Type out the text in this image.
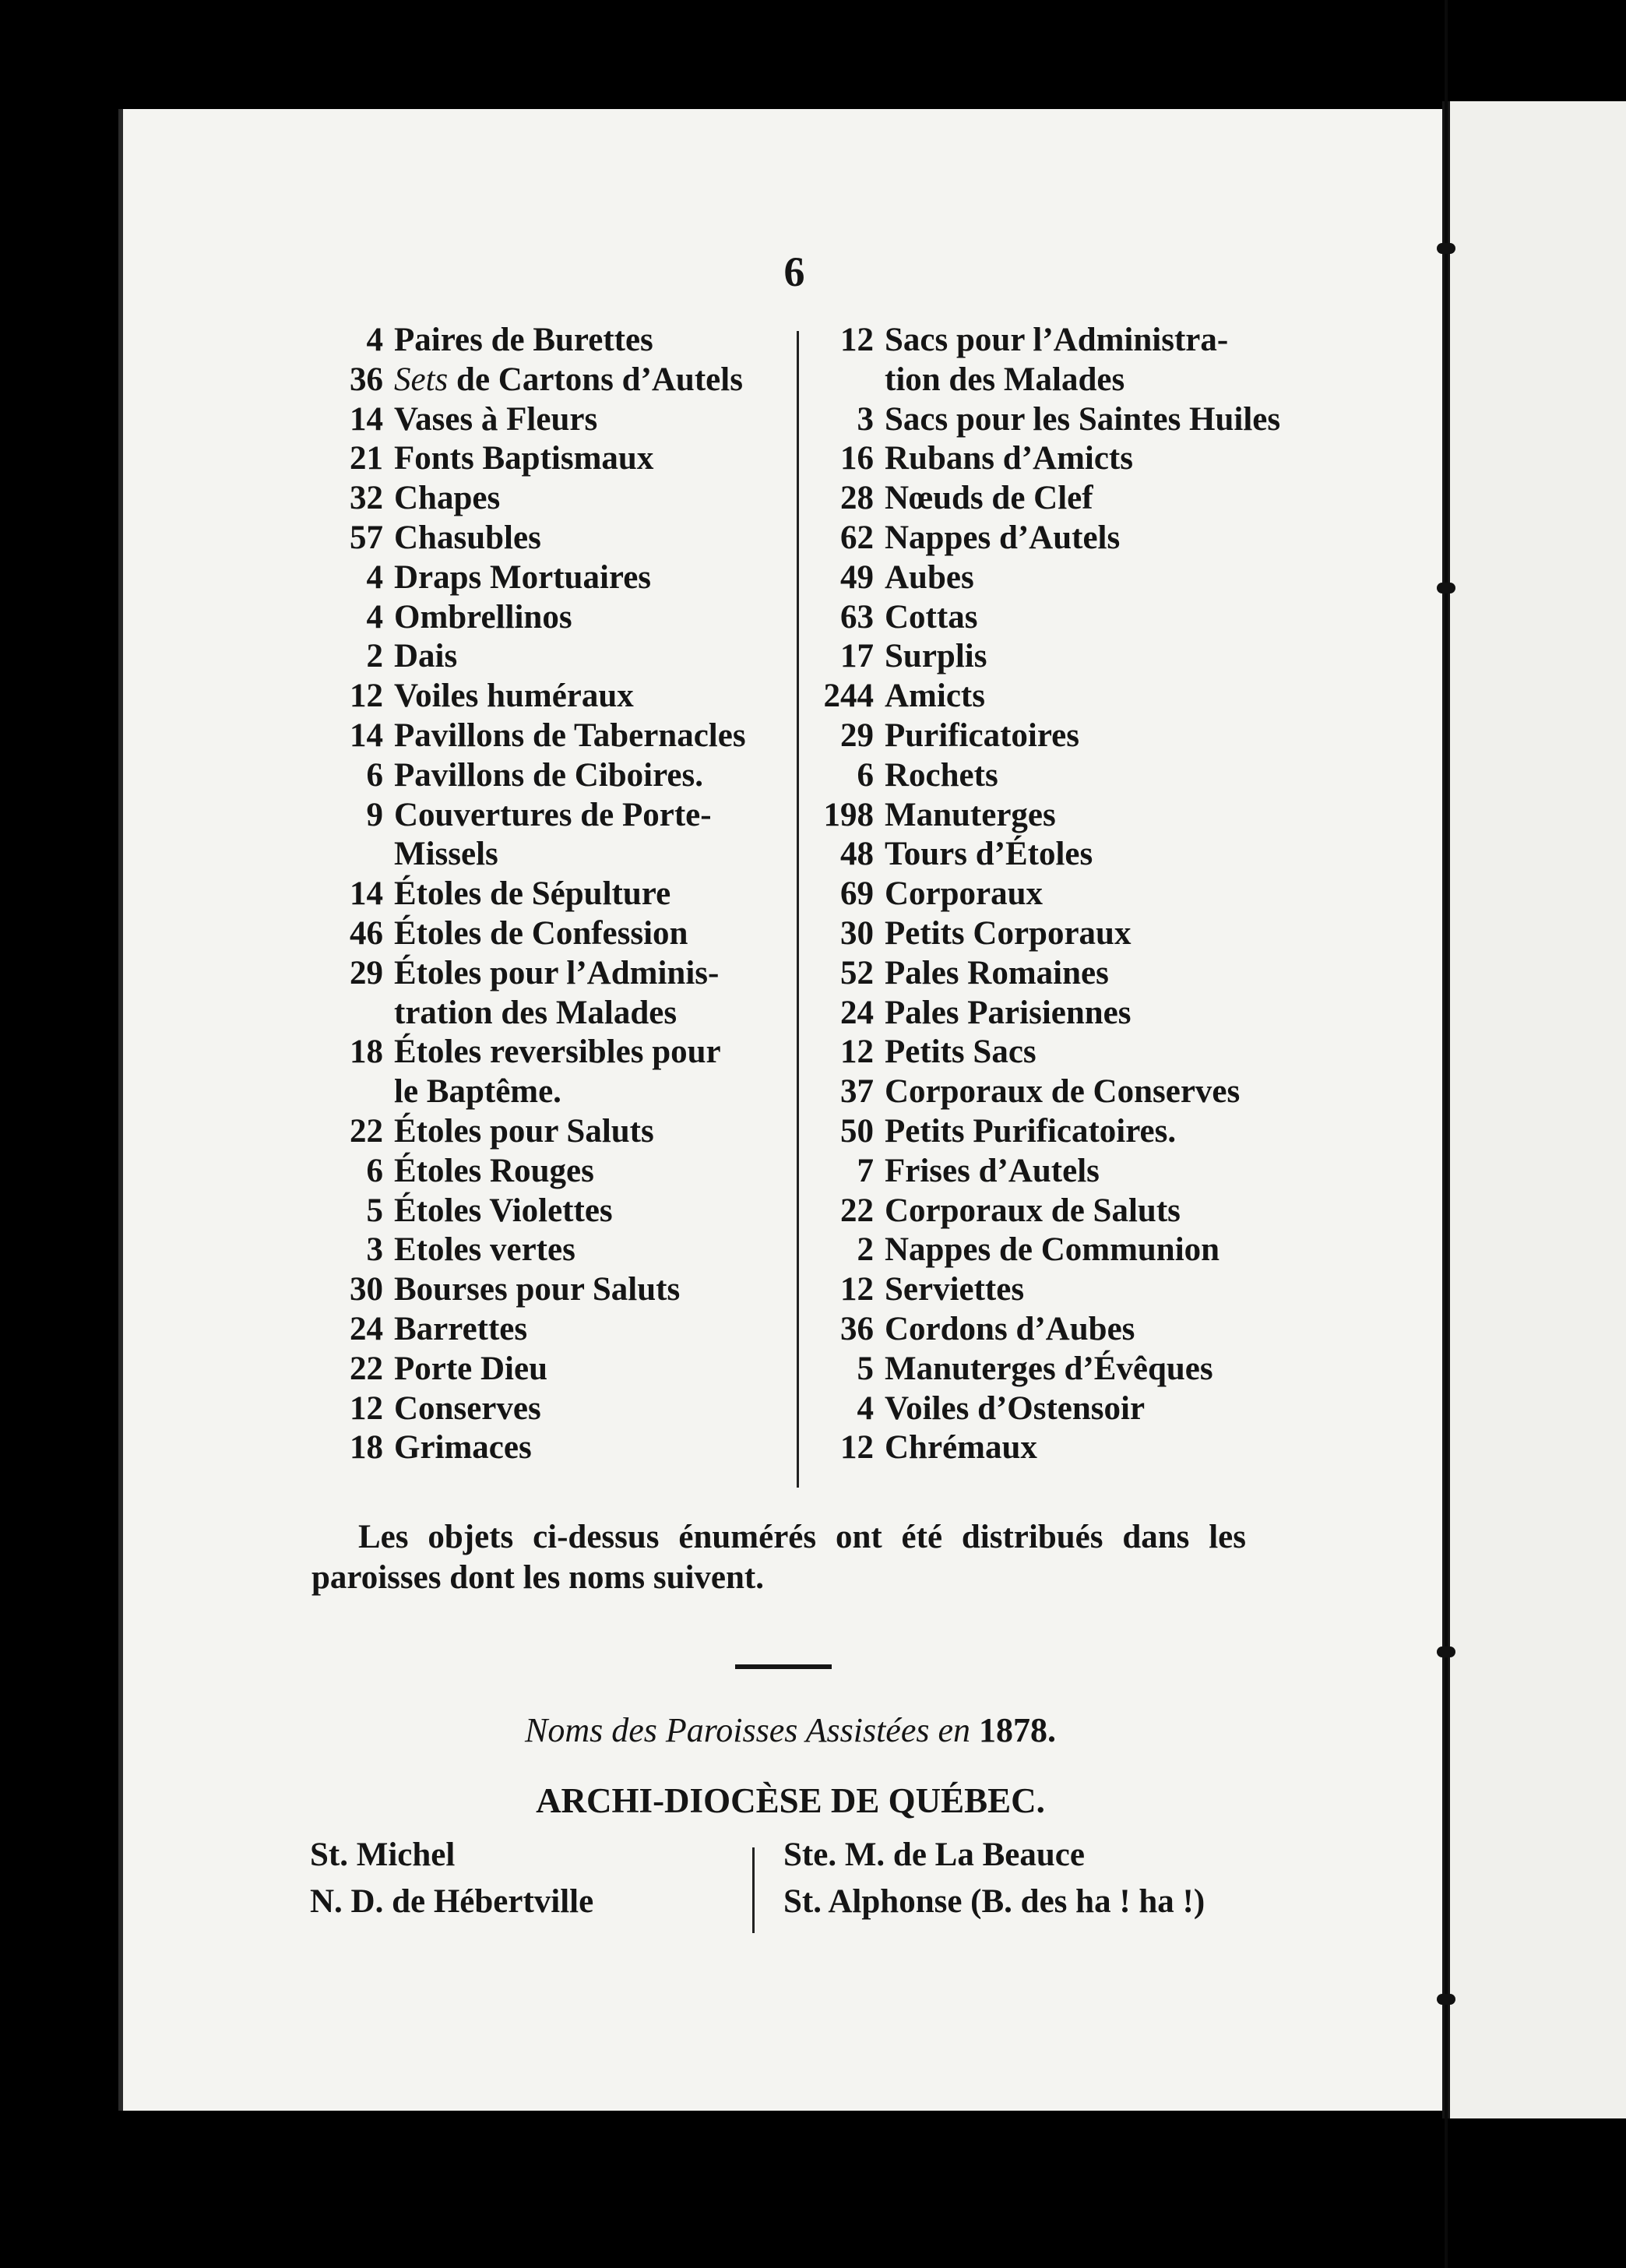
6
4 Paires de Burettes
36 Sets de Cartons d’Autels
14 Vases à Fleurs
21 Fonts Baptismaux
32 Chapes
57 Chasubles
4 Draps Mortuaires
4 Ombrellinos
2 Dais
12 Voiles huméraux
14 Pavillons de Tabernacles
6 Pavillons de Ciboires.
9 Couvertures de Porte-
Missels
14 Étoles de Sépulture
46 Étoles de Confession
29 Étoles pour l’Adminis-
tration des Malades
18 Étoles reversibles pour
le Baptême.
22 Étoles pour Saluts
6 Étoles Rouges
5 Étoles Violettes
3 Etoles vertes
30 Bourses pour Saluts
24 Barrettes
22 Porte Dieu
12 Conserves
18 Grimaces
12 Sacs pour l’Administra-
tion des Malades
3 Sacs pour les Saintes Huiles
16 Rubans d’Amicts
28 Nœuds de Clef
62 Nappes d’Autels
49 Aubes
63 Cottas
17 Surplis
244 Amicts
29 Purificatoires
6 Rochets
198 Manuterges
48 Tours d’Étoles
69 Corporaux
30 Petits Corporaux
52 Pales Romaines
24 Pales Parisiennes
12 Petits Sacs
37 Corporaux de Conserves
50 Petits Purificatoires.
7 Frises d’Autels
22 Corporaux de Saluts
2 Nappes de Communion
12 Serviettes
36 Cordons d’Aubes
5 Manuterges d’Évêques
4 Voiles d’Ostensoir
12 Chrémaux
Les objets ci-dessus énumérés ont été distribués dans les paroisses dont les noms suivent.
Noms des Paroisses Assistées en 1878.
ARCHI-DIOCÈSE DE QUÉBEC.
St. Michel
N. D. de Hébertville
Ste. M. de La Beauce
St. Alphonse (B. des ha ! ha !)
